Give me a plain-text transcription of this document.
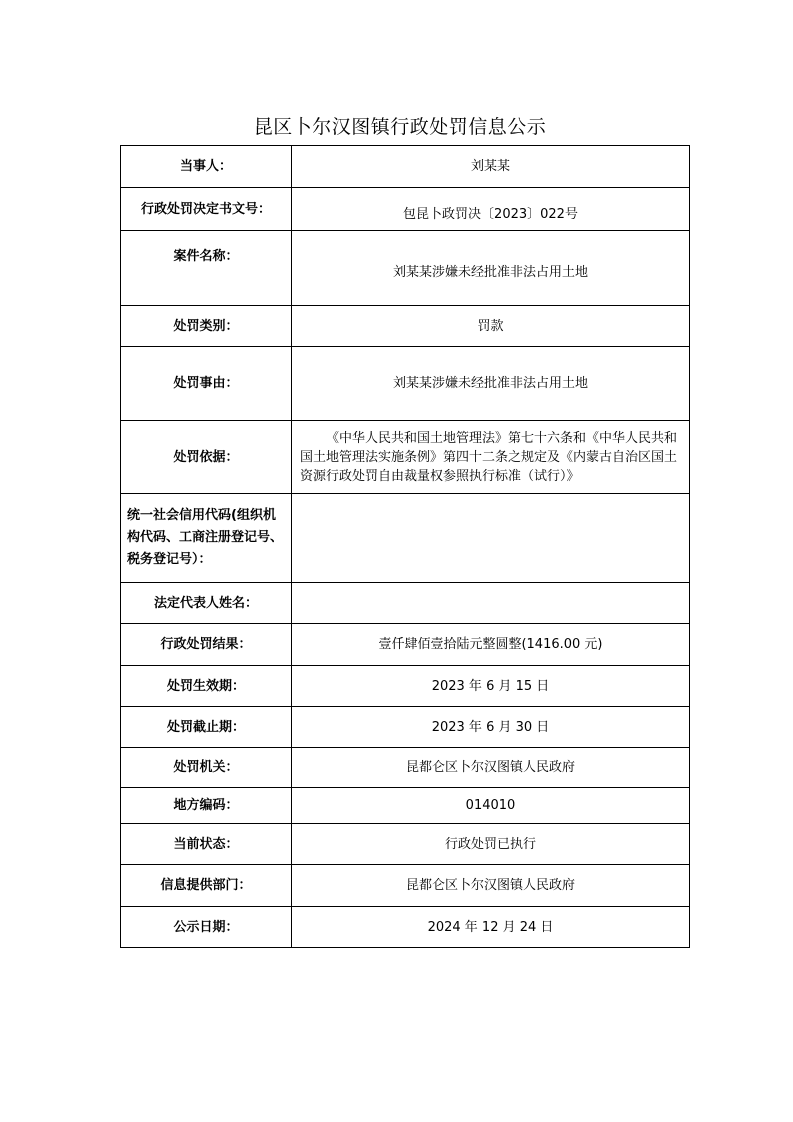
昆区卜尔汉图镇行政处罚信息公示
当事人：	刘某某
行政处罚决定书文号：	包昆卜政罚决〔2023〕022号

案件名称：	刘某某涉嫌未经批准非法占用土地
处罚类别：	罚款
处罚事由：	刘某某涉嫌未经批准非法占用土地
处罚依据：	《中华人民共和国土地管理法》第七十六条和《中华人民共和国土地管理法实施条例》第四十二条之规定及《内蒙古自治区国土资源行政处罚自由裁量权参照执行标准（试行）》

统一社会信用代码(组织机构代码、工商注册登记号、税务登记号）：	
法定代表人姓名：	
行政处罚结果：	壹仟肆佰壹拾陆元整圆整(1416.00 元)
处罚生效期：	2023 年 6 月 15 日
处罚截止期：	2023 年 6 月 30 日
处罚机关：	昆都仑区卜尔汉图镇人民政府
地方编码：	014010
当前状态：	行政处罚已执行
信息提供部门：	昆都仑区卜尔汉图镇人民政府
公示日期：	2024 年 12 月 24 日
